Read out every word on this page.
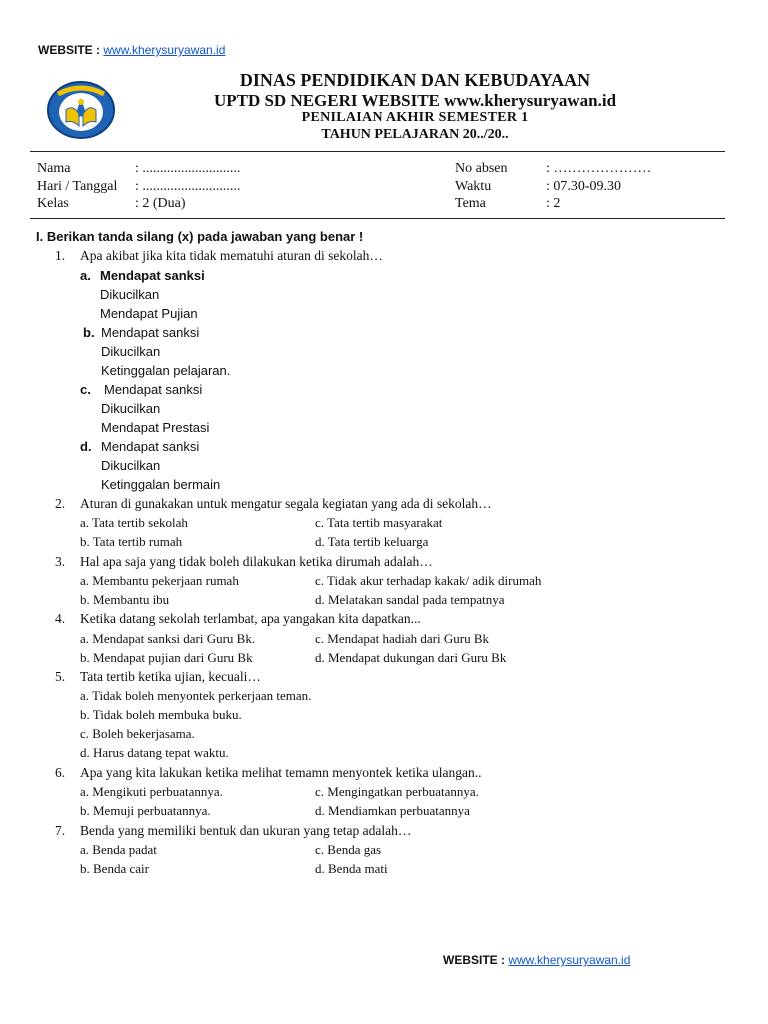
WEBSITE : www.kherysuryawan.id
DINAS PENDIDIKAN DAN KEBUDAYAAN
UPTD SD NEGERI WEBSITE www.kherysuryawan.id
PENILAIAN AKHIR SEMESTER 1
TAHUN PELAJARAN 20../20..
Nama
Hari / Tanggal
Kelas
: ............................
: ............................
: 2 (Dua)
No absen
Waktu
Tema
: …………………
: 07.30-09.30
: 2
I. Berikan tanda silang (x) pada jawaban yang benar !
1. Apa akibat jika kita tidak mematuhi aturan di sekolah…
a. Mendapat sanksi
Dikucilkan
Mendapat Pujian
b. Mendapat sanksi
Dikucilkan
Ketinggalan pelajaran.
c. Mendapat sanksi
Dikucilkan
Mendapat Prestasi
d. Mendapat sanksi
Dikucilkan
Ketinggalan bermain
2. Aturan di gunakakan untuk mengatur segala kegiatan yang ada di sekolah…
a. Tata tertib sekolah
b. Tata tertib rumah
c. Tata tertib masyarakat
d. Tata tertib keluarga
3. Hal apa saja yang tidak boleh dilakukan ketika dirumah adalah…
a. Membantu pekerjaan rumah
b. Membantu ibu
c. Tidak akur terhadap kakak/ adik dirumah
d. Melatakan sandal pada tempatnya
4. Ketika datang sekolah terlambat, apa yangakan kita dapatkan...
a. Mendapat sanksi dari Guru Bk.
b. Mendapat pujian dari Guru Bk
c. Mendapat hadiah dari Guru Bk
d. Mendapat dukungan dari Guru Bk
5. Tata tertib ketika ujian, kecuali…
a. Tidak boleh menyontek perkerjaan teman.
b. Tidak boleh membuka buku.
c. Boleh bekerjasama.
d. Harus datang tepat waktu.
6. Apa yang kita lakukan ketika melihat temamn menyontek ketika ulangan..
a. Mengikuti perbuatannya.
b. Memuji perbuatannya.
c. Mengingatkan perbuatannya.
d. Mendiamkan perbuatannya
7. Benda yang memiliki bentuk dan ukuran yang tetap adalah…
a. Benda padat
b. Benda cair
c. Benda gas
d. Benda mati
WEBSITE : www.kherysuryawan.id
